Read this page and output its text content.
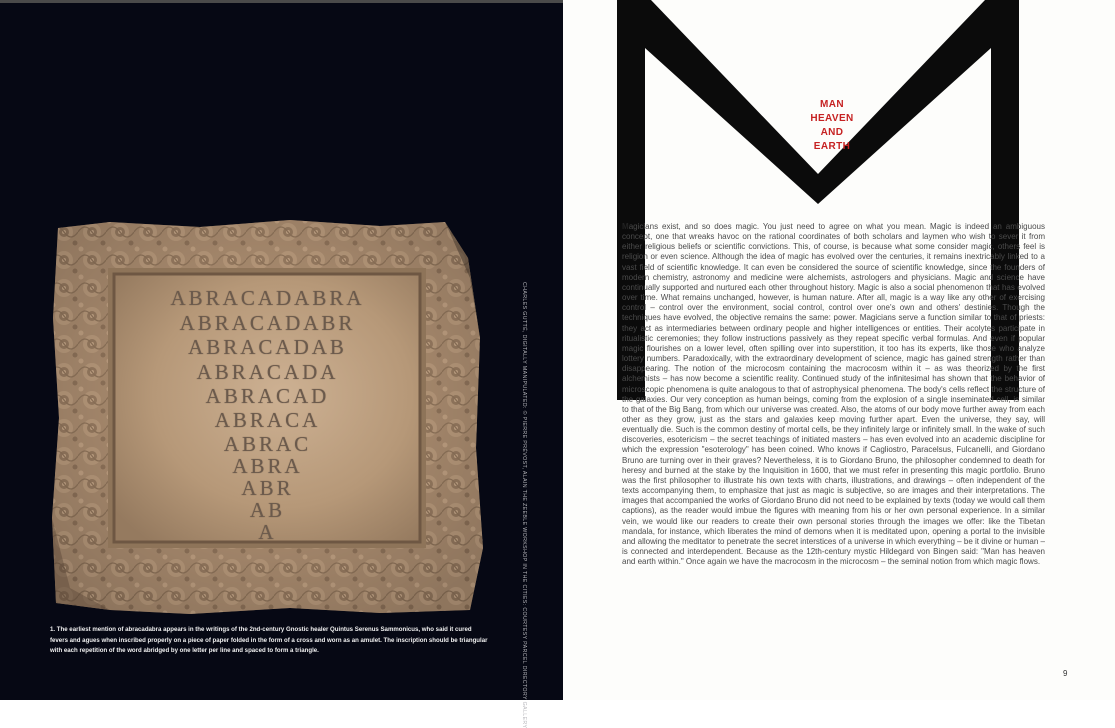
ABRACADABRA
ABRACADABR
ABRACADAB
ABRACADA
ABRACAD
ABRACA
ABRAC
ABRA
ABR
AB
A	CHARLES GUTTÉ, DIGITALLY MANIPULATED: © PIERRE PRÉVOST, ALAIN THE ZEEBLE WORKSHOP IN THE CITIES: COURTESY PARCEL DIRECTORY GALLERY
1. The earliest mention of abracadabra appears in the writings of the 2nd-century Gnostic healer Quintus Serenus Sammonicus, who said it cured fevers and agues when inscribed properly on a piece of paper folded in the form of a cross and worn as an amulet. The inscription should be triangular with each repetition of the word abridged by one letter per line and spaced to form a triangle.
MAN
HEAVEN
AND
EARTH

Magicians exist, and so does magic. You just need to agree on what you mean. Magic is indeed an ambiguous concept, one that wreaks havoc on the rational coordinates of both scholars and laymen who wish to sever it from either religious beliefs or scientific convictions. This, of course, is because what some consider magic, others feel is religion or even science. Although the idea of magic has evolved over the centuries, it remains inextricably linked to a vast field of scientific knowledge. It can even be considered the source of scientific knowledge, since the founders of modern chemistry, astronomy and medicine were alchemists, astrologers and physicians. Magic and science have continually supported and nurtured each other throughout history. Magic is also a social phenomenon that has evolved over time. What remains unchanged, however, is human nature. After all, magic is a way like any other of exercising control – control over the environment, social control, control over one's own and others' destinies. Though the techniques have evolved, the objective remains the same: power. Magicians serve a function similar to that of priests: they act as intermediaries between ordinary people and higher intelligences or entities. Their acolytes participate in ritualistic ceremonies; they follow instructions passively as they repeat specific verbal formulas. And even if popular magic flourishes on a lower level, often spilling over into superstition, it too has its experts, like those who analyze lottery numbers. Paradoxically, with the extraordinary development of science, magic has gained strength rather than disappearing. The notion of the microcosm containing the macrocosm within it – as was theorized by the first alchemists – has now become a scientific reality. Continued study of the infinitesimal has shown that the behavior of microscopic phenomena is quite analogous to that of astrophysical phenomena. The body's cells reflect the structure of the galaxies. Our very conception as human beings, coming from the explosion of a single inseminated cell, is similar to that of the Big Bang, from which our universe was created. Also, the atoms of our body move further away from each other as they grow, just as the stars and galaxies keep moving further apart. Even the universe, they say, will eventually die. Such is the common destiny of mortal cells, be they infinitely large or infinitely small. In the wake of such discoveries, esotericism – the secret teachings of initiated masters – has even evolved into an academic discipline for which the expression "esoterology" has been coined. Who knows if Cagliostro, Paracelsus, Fulcanelli, and Giordano Bruno are turning over in their graves? Nevertheless, it is to Giordano Bruno, the philosopher condemned to death for heresy and burned at the stake by the Inquisition in 1600, that we must refer in presenting this magic portfolio. Bruno was the first philosopher to illustrate his own texts with charts, illustrations, and drawings – often independent of the texts accompanying them, to emphasize that just as magic is subjective, so are images and their interpretations. The images that accompanied the works of Giordano Bruno did not need to be explained by texts (today we would call them captions), as the reader would imbue the figures with meaning from his or her own personal experience. In a similar vein, we would like our readers to create their own personal stories through the images we offer: like the Tibetan mandala, for instance, which liberates the mind of demons when it is meditated upon, opening a portal to the invisible and allowing the meditator to penetrate the secret interstices of a universe in which everything – be it divine or human – is connected and interdependent. Because as the 12th-century mystic Hildegard von Bingen said: "Man has heaven and earth within." Once again we have the macrocosm in the microcosm – the seminal notion from which magic flows.

9
